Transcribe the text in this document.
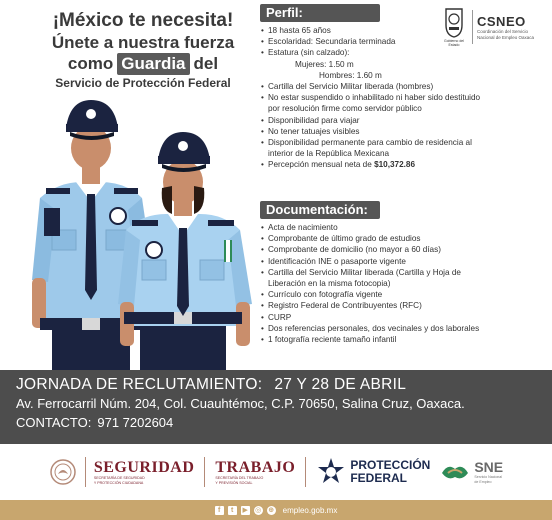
¡México te necesita!
Únete a nuestra fuerza
como Guardia del
Servicio de Protección Federal
Perfil:
• 18 hasta 65 años
• Escolaridad: Secundaria terminada
• Estatura (sin calzado):
Mujeres: 1.50 m
Hombres: 1.60 m
• Cartilla del Servicio Militar liberada (hombres)
• No estar suspendido o inhabilitado ni haber sido destituido
por resolución firme como servidor público
• Disponibilidad para viajar
• No tener tatuajes visibles
• Disponibilidad permanente para cambio de residencia al
interior de la República Mexicana
• Percepción mensual neta de $10,372.86
Documentación:
• Acta de nacimiento
• Comprobante de último grado de estudios
• Comprobante de domicilio (no mayor a 60 días)
• Identificación INE o pasaporte vigente
• Cartilla del Servicio Militar liberada (Cartilla y Hoja de
Liberación en la misma fotocopia)
• Currículo con fotografía vigente
• Registro Federal de Contribuyentes (RFC)
• CURP
• Dos referencias personales, dos vecinales y dos laborales
• 1 fotografía reciente tamaño infantil
Gobierno del Estado
CSNEO
Coordinación del Servicio
Nacional de Empleo Oaxaca
JORNADA DE RECLUTAMIENTO: 27 Y 28 DE ABRIL
Av. Ferrocarril Núm. 204, Col. Cuauhtémoc, C.P. 70650, Salina Cruz, Oaxaca.
CONTACTO: 971 7202604
SEGURIDAD
SECRETARÍA DE SEGURIDAD
Y PROTECCIÓN CIUDADANA
TRABAJO
SECRETARÍA DEL TRABAJO
Y PREVISIÓN SOCIAL
PROTECCIÓN
FEDERAL
SNE
Servicio Nacional
de Empleo
f	t	▶ ◎ ⊕ empleo.gob.mx
